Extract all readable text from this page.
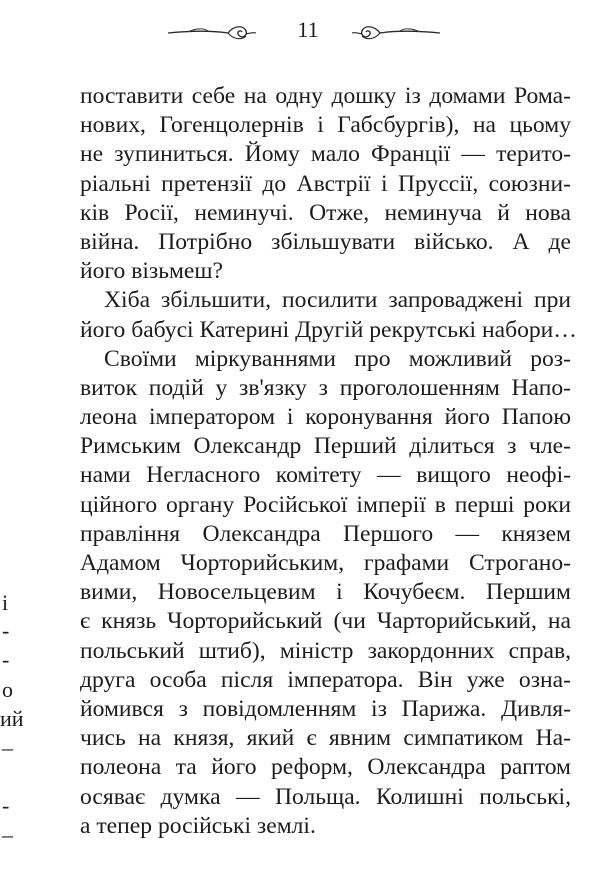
11
поставити себе на одну дошку із домами Рома-
нових, Гогенцолернів і Габсбургів), на цьому
не зупиниться. Йому мало Франції — терито-
ріальні претензії до Австрії і Пруссії, союзни-
ків Росії, неминучі. Отже, неминуча й нова
війна. Потрібно збільшувати військо. А де
його візьмеш?
Хіба збільшити, посилити запроваджені при
його бабусі Катерині Другій рекрутські набори…
Своїми міркуваннями про можливий роз-
виток подій у зв'язку з проголошенням Напо-
леона імператором і коронування його Папою
Римським Олександр Перший ділиться з чле-
нами Негласного комітету — вищого неофі-
ційного органу Російської імперії в перші роки
правління Олександра Першого — князем
Адамом Чорторийським, графами Строгано-
вими, Новосельцевим і Кочубеєм. Першим
є князь Чорторийський (чи Чарторийський, на
польський штиб), міністр закордонних справ,
друга особа після імператора. Він уже озна-
йомився з повідомленням із Парижа. Дивля-
чись на князя, який є явним симпатиком На-
полеона та його реформ, Олександра раптом
осяває думка — Польща. Колишні польські,
а тепер російські землі.
і
-
-
о
ий
–
-
–
